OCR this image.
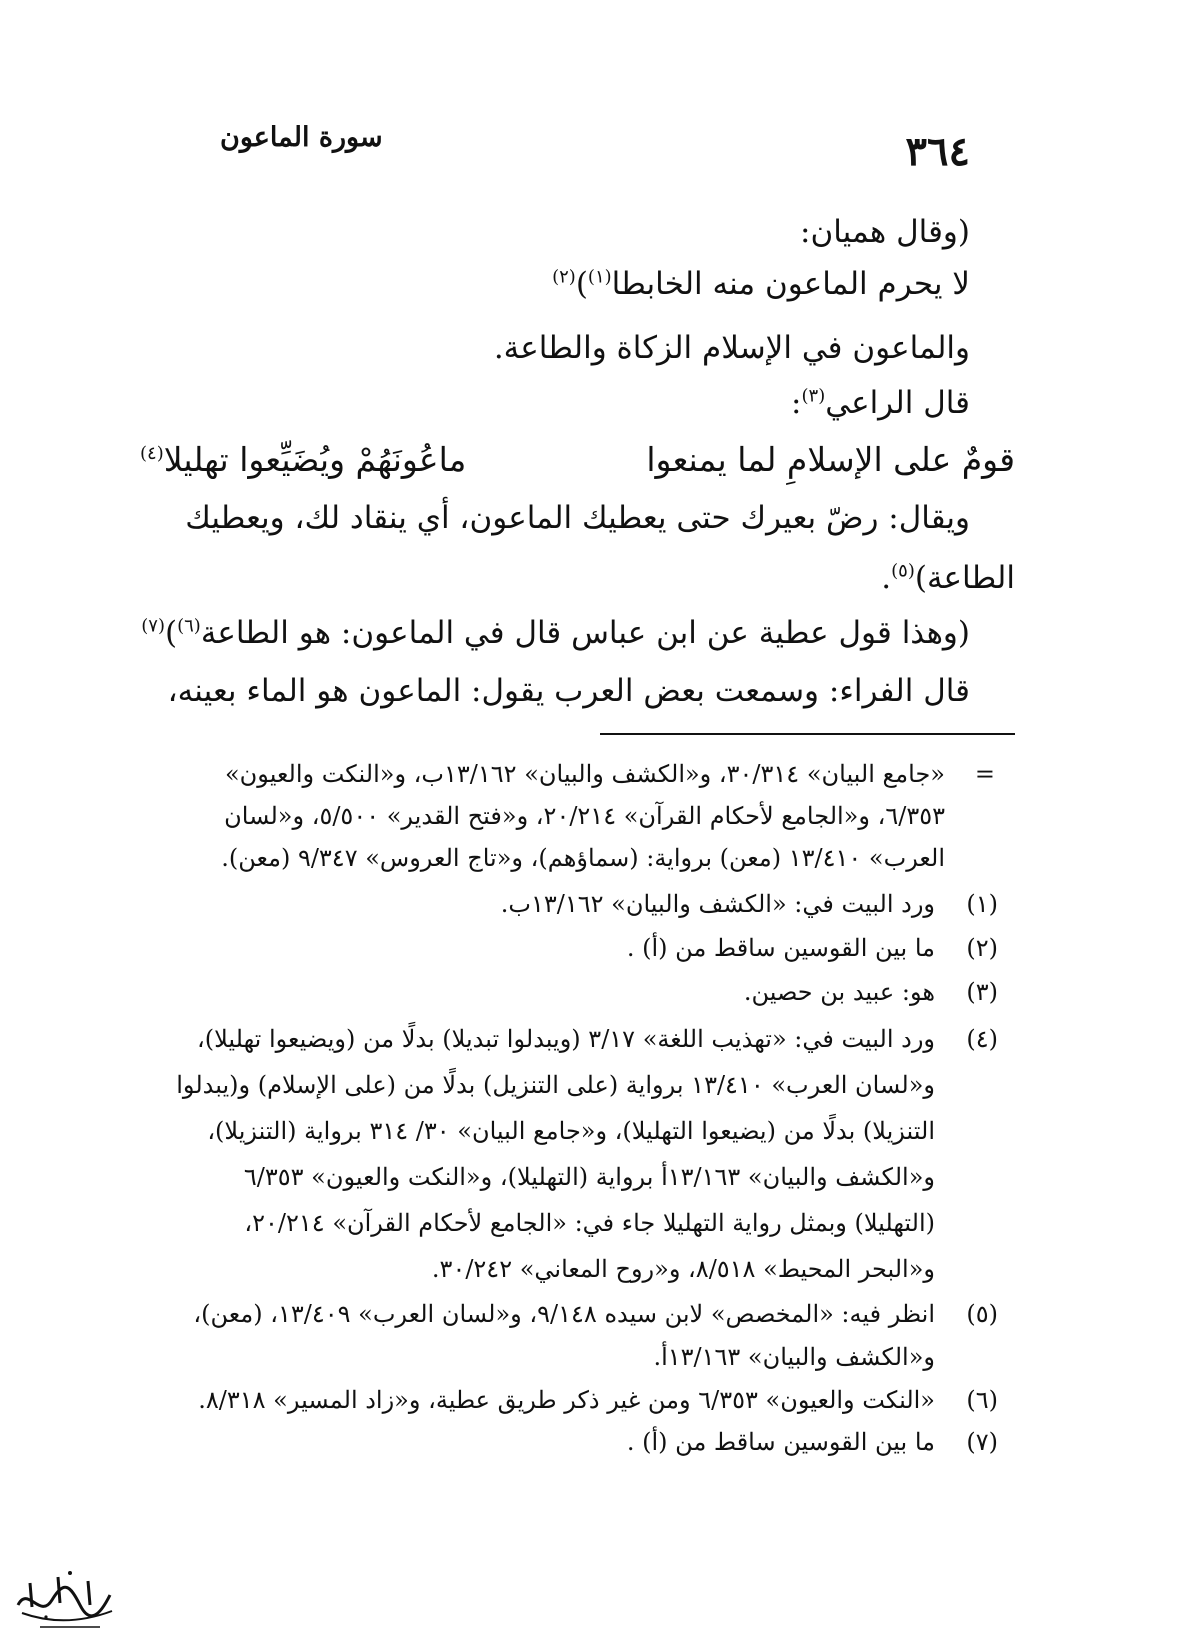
٣٦٤
سورة الماعون
(وقال هميان:
لا يحرم الماعون منه الخابطا$^{(١)}$)$^{(٢)}$
والماعون في الإسلام الزكاة والطاعة.
قال الراعي$^{(٣)}$:
قومٌ على الإسلامِ لما يمنعوا
ماعُونَهُمْ ويُضَيِّعوا تهليلا$^{(٤)}$
ويقال: رضّ بعيرك حتى يعطيك الماعون، أي ينقاد لك، ويعطيك
الطاعة)$^{(٥)}$.
(وهذا قول عطية عن ابن عباس قال في الماعون: هو الطاعة$^{(٦)}$)$^{(٧)}$
قال الفراء: وسمعت بعض العرب يقول: الماعون هو الماء بعينه،
=
«جامع البيان» ٣٠/٣١٤، و«الكشف والبيان» ١٣/١٦٢ب، و«النكت والعيون»
٦/٣٥٣، و«الجامع لأحكام القرآن» ٢٠/٢١٤، و«فتح القدير» ٥/٥٠٠، و«لسان
العرب» ١٣/٤١٠ (معن) برواية: (سماؤهم)، و«تاج العروس» ٩/٣٤٧ (معن).
(١)
ورد البيت في: «الكشف والبيان» ١٣/١٦٢ب.
(٢)
ما بين القوسين ساقط من (أ) .
(٣)
هو: عبيد بن حصين.
(٤)
ورد البيت في: «تهذيب اللغة» ٣/١٧ (ويبدلوا تبديلا) بدلًا من (ويضيعوا تهليلا)،
و«لسان العرب» ١٣/٤١٠ برواية (على التنزيل) بدلًا من (على الإسلام) و(يبدلوا
التنزيلا) بدلًا من (يضيعوا التهليلا)، و«جامع البيان» ٣٠/ ٣١٤ برواية (التنزيلا)،
و«الكشف والبيان» ١٣/١٦٣أ برواية (التهليلا)، و«النكت والعيون» ٦/٣٥٣
(التهليلا) وبمثل رواية التهليلا جاء في: «الجامع لأحكام القرآن» ٢٠/٢١٤،
و«البحر المحيط» ٨/٥١٨، و«روح المعاني» ٣٠/٢٤٢.
(٥)
انظر فيه: «المخصص» لابن سيده ٩/١٤٨، و«لسان العرب» ١٣/٤٠٩، (معن)،
و«الكشف والبيان» ١٣/١٦٣أ.
(٦)
«النكت والعيون» ٦/٣٥٣ ومن غير ذكر طريق عطية، و«زاد المسير» ٨/٣١٨.
(٧)
ما بين القوسين ساقط من (أ) .
